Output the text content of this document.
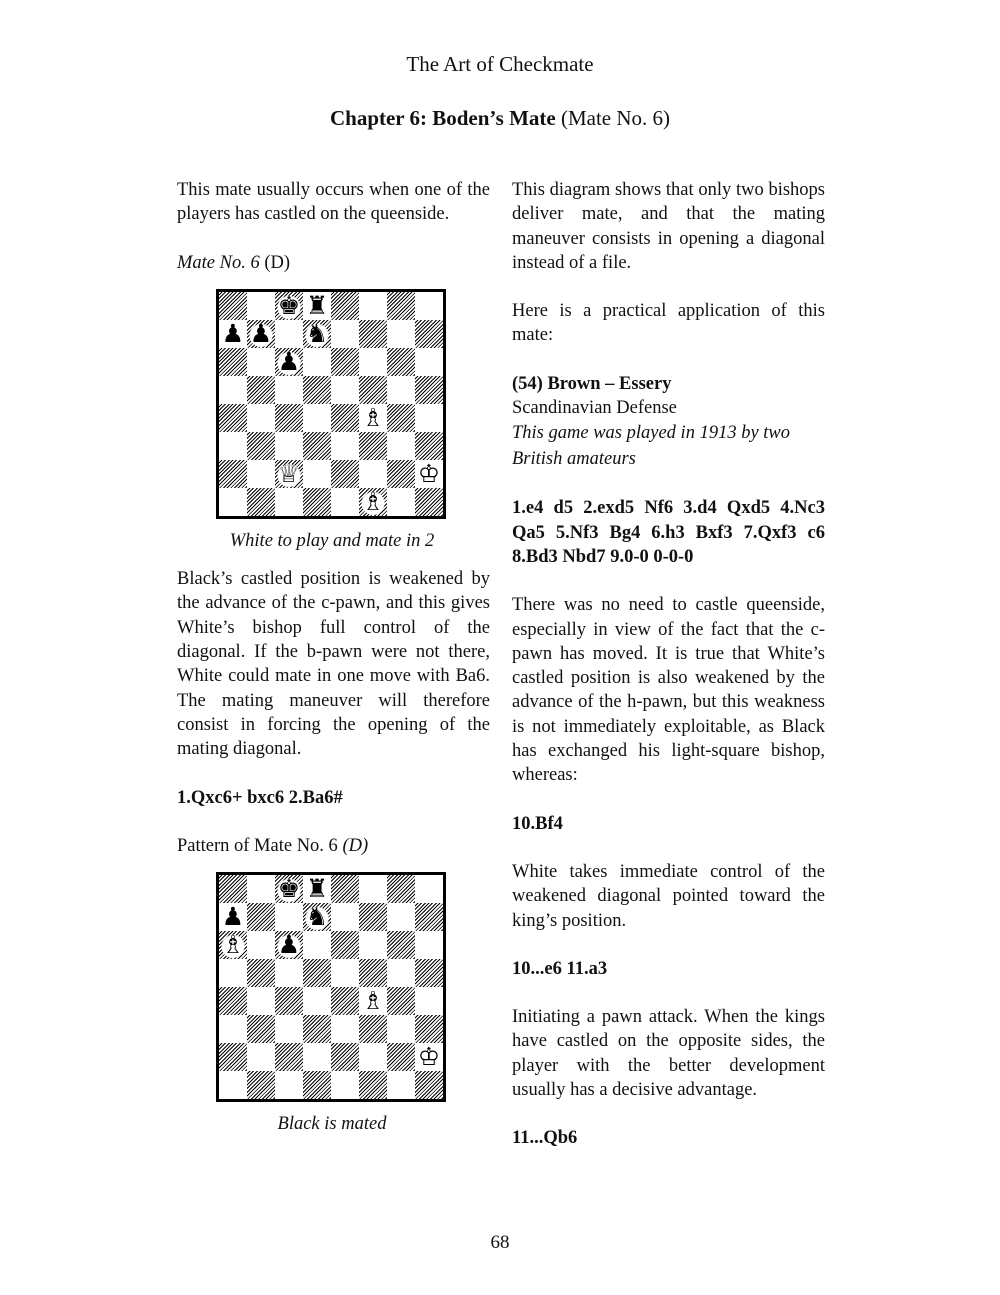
The Art of Checkmate
Chapter 6: Boden’s Mate (Mate No. 6)

This mate usually occurs when one of the players has castled on the queenside.

Mate No. 6 (D)
♚ ♜
♟ ♟ ♞
♟
♗
♕	♔
♗
White to play and mate in 2

Black’s castled position is weakened by the advance of the c-pawn, and this gives White’s bishop full control of the diagonal. If the b-pawn were not there, White could mate in one move with Ba6. The mating maneuver will therefore consist in forcing the opening of the mating diagonal.

1.Qxc6+ bxc6 2.Ba6#

Pattern of Mate No. 6 (D)
♚ ♜
♟ ♞
♗ ♟
♗
♔
Black is mated

This diagram shows that only two bishops deliver mate, and that the mating maneuver consists in opening a diagonal instead of a file.

Here is a practical application of this mate:

(54) Brown – Essery
Scandinavian Defense
This game was played in 1913 by two British amateurs

1.e4 d5 2.exd5 Nf6 3.d4 Qxd5 4.Nc3 Qa5 5.Nf3 Bg4 6.h3 Bxf3 7.Qxf3 c6 8.Bd3 Nbd7 9.0-0 0-0-0

There was no need to castle queenside, especially in view of the fact that the c-pawn has moved. It is true that White’s castled position is also weakened by the advance of the h-pawn, but this weakness is not immediately exploitable, as Black has exchanged his light-square bishop, whereas:

10.Bf4

White takes immediate control of the weakened diagonal pointed toward the king’s position.

10...e6 11.a3

Initiating a pawn attack. When the kings have castled on the opposite sides, the player with the better development usually has a decisive advantage.

11...Qb6

68
